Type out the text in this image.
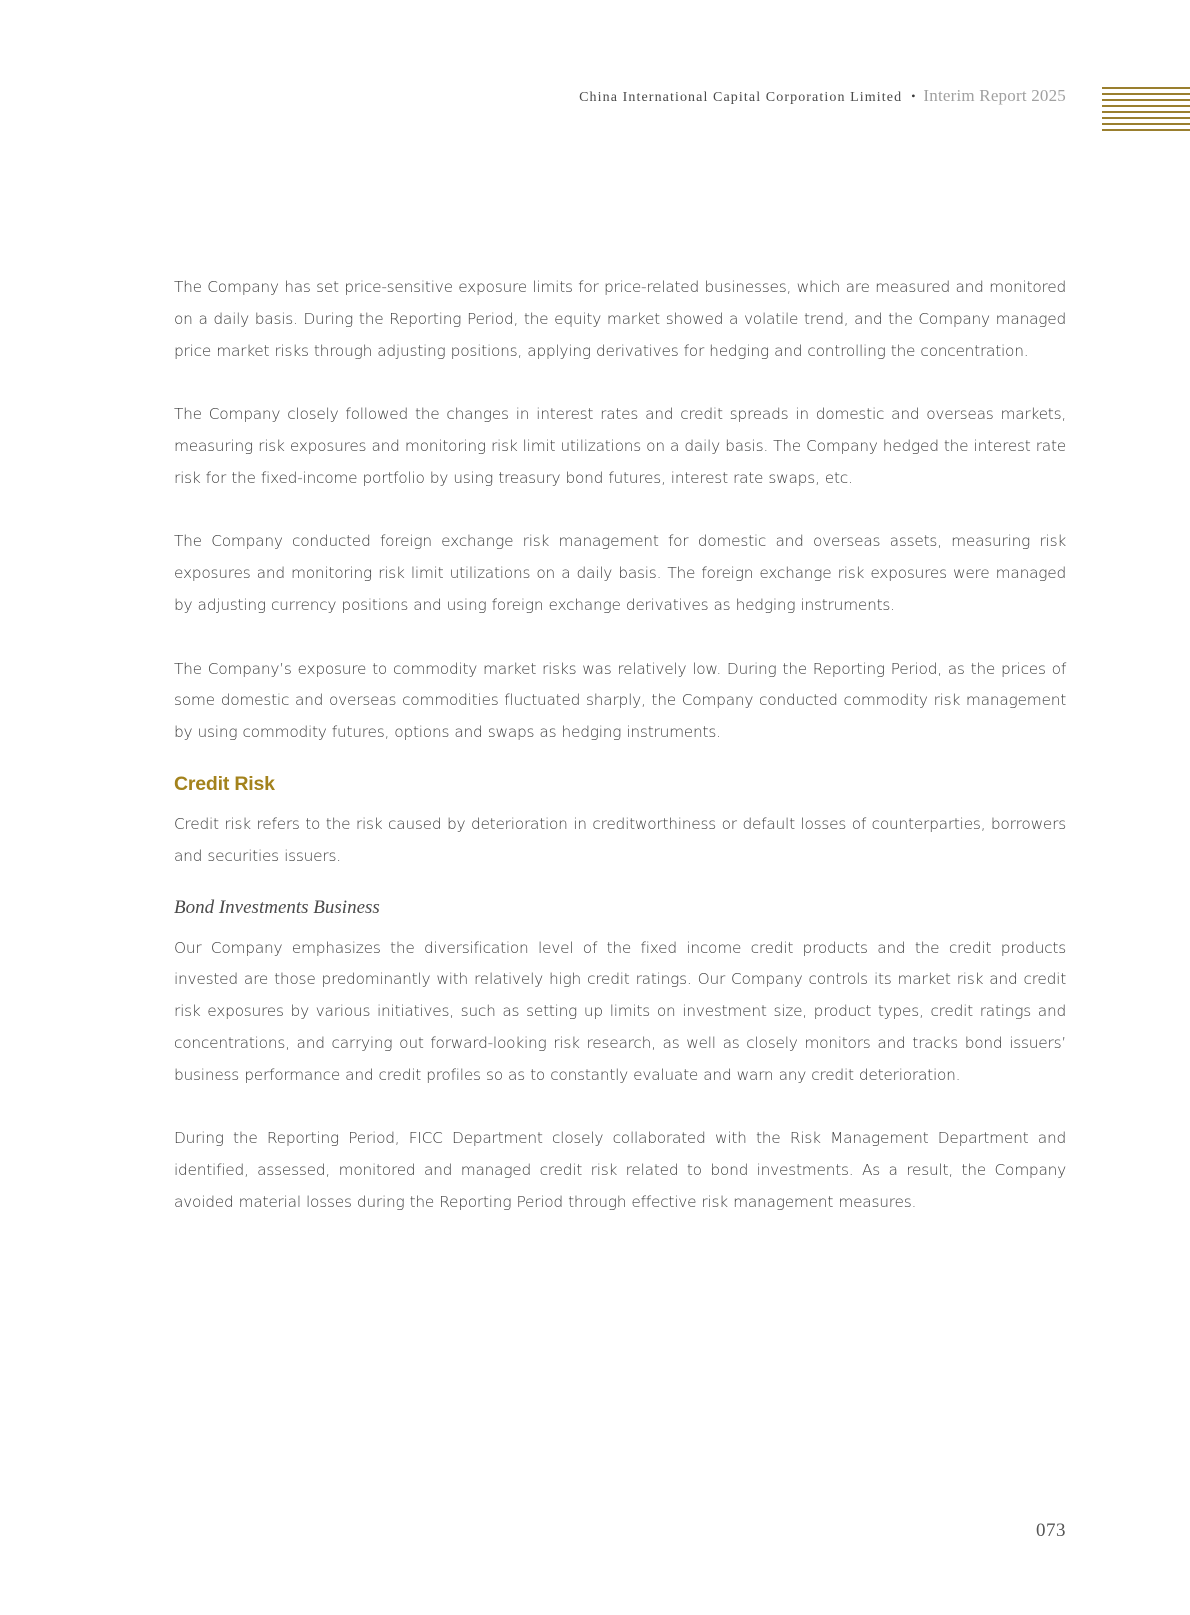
China International Capital Corporation Limited • Interim Report 2025

The Company has set price-sensitive exposure limits for price-related businesses, which are measured and monitored on a daily basis. During the Reporting Period, the equity market showed a volatile trend, and the Company managed price market risks through adjusting positions, applying derivatives for hedging and controlling the concentration.

The Company closely followed the changes in interest rates and credit spreads in domestic and overseas markets, measuring risk exposures and monitoring risk limit utilizations on a daily basis. The Company hedged the interest rate risk for the fixed-income portfolio by using treasury bond futures, interest rate swaps, etc.

The Company conducted foreign exchange risk management for domestic and overseas assets, measuring risk exposures and monitoring risk limit utilizations on a daily basis. The foreign exchange risk exposures were managed by adjusting currency positions and using foreign exchange derivatives as hedging instruments.

The Company’s exposure to commodity market risks was relatively low. During the Reporting Period, as the prices of some domestic and overseas commodities fluctuated sharply, the Company conducted commodity risk management by using commodity futures, options and swaps as hedging instruments.

Credit Risk

Credit risk refers to the risk caused by deterioration in creditworthiness or default losses of counterparties, borrowers and securities issuers.

Bond Investments Business

Our Company emphasizes the diversification level of the fixed income credit products and the credit products invested are those predominantly with relatively high credit ratings. Our Company controls its market risk and credit risk exposures by various initiatives, such as setting up limits on investment size, product types, credit ratings and concentrations, and carrying out forward-looking risk research, as well as closely monitors and tracks bond issuers’ business performance and credit profiles so as to constantly evaluate and warn any credit deterioration.

During the Reporting Period, FICC Department closely collaborated with the Risk Management Department and identified, assessed, monitored and managed credit risk related to bond investments. As a result, the Company avoided material losses during the Reporting Period through effective risk management measures.

073
